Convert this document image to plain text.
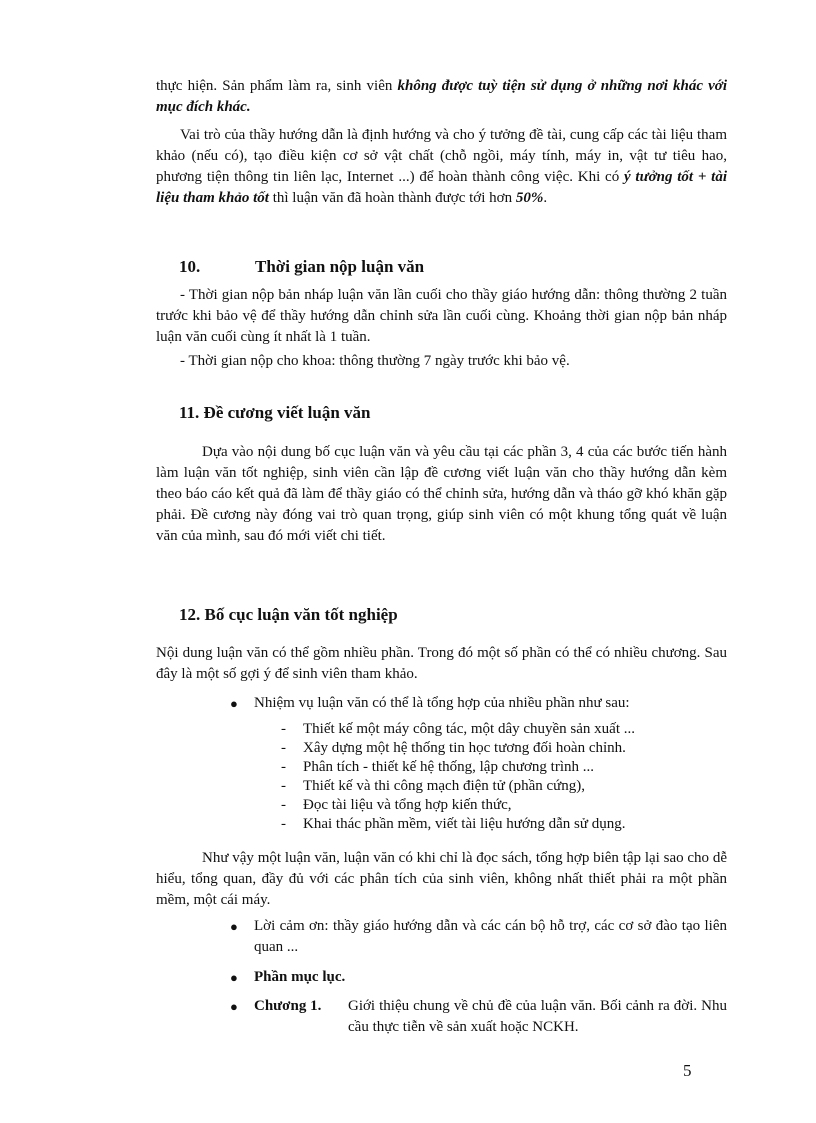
thực hiện. Sản phẩm làm ra, sinh viên không được tuỳ tiện sử dụng ở những nơi khác với mục đích khác.

Vai trò của thầy hướng dẫn là định hướng và cho ý tưởng đề tài, cung cấp các tài liệu tham khảo (nếu có), tạo điều kiện cơ sở vật chất (chỗ ngồi, máy tính, máy in, vật tư tiêu hao, phương tiện thông tin liên lạc, Internet ...) để hoàn thành công việc. Khi có ý tưởng tốt + tài liệu tham khảo tốt thì luận văn đã hoàn thành được tới hơn 50%.

10.	Thời gian nộp luận văn

- Thời gian nộp bản nháp luận văn lần cuối cho thầy giáo hướng dẫn: thông thường 2 tuần trước khi bảo vệ để thầy hướng dẫn chỉnh sửa lần cuối cùng. Khoảng thời gian nộp bản nháp luận văn cuối cùng ít nhất là 1 tuần.

- Thời gian nộp cho khoa: thông thường 7 ngày trước khi bảo vệ.

11. Đề cương viết luận văn

Dựa vào nội dung bố cục luận văn và yêu cầu tại các phần 3, 4 của các bước tiến hành làm luận văn tốt nghiệp, sinh viên cần lập đề cương viết luận văn cho thầy hướng dẫn kèm theo báo cáo kết quả đã làm để thầy giáo có thể chỉnh sửa, hướng dẫn và tháo gỡ khó khăn gặp phải. Đề cương này đóng vai trò quan trọng, giúp sinh viên có một khung tổng quát về luận văn của mình, sau đó mới viết chi tiết.

12. Bố cục luận văn tốt nghiệp

Nội dung luận văn có thể gồm nhiều phần. Trong đó một số phần có thể có nhiều chương. Sau đây là một số gợi ý để sinh viên tham khảo.

● Nhiệm vụ luận văn có thể là tổng hợp của nhiều phần như sau:
- Thiết kế một máy công tác, một dây chuyền sản xuất ...
- Xây dựng một hệ thống tin học tương đối hoàn chỉnh.
- Phân tích - thiết kế hệ thống, lập chương trình ...
- Thiết kế và thi công mạch điện tử (phần cứng),
- Đọc tài liệu và tổng hợp kiến thức,
- Khai thác phần mềm, viết tài liệu hướng dẫn sử dụng.

Như vậy một luận văn, luận văn có khi chỉ là đọc sách, tổng hợp biên tập lại sao cho dễ hiểu, tổng quan, đầy đủ với các phân tích của sinh viên, không nhất thiết phải ra một phần mềm, một cái máy.

● Lời cảm ơn: thầy giáo hướng dẫn và các cán bộ hỗ trợ, các cơ sở đào tạo liên quan ...
● Phần mục lục.
● Chương 1. Giới thiệu chung về chủ đề của luận văn. Bối cảnh ra đời. Nhu cầu thực tiễn về sản xuất hoặc NCKH.
5
